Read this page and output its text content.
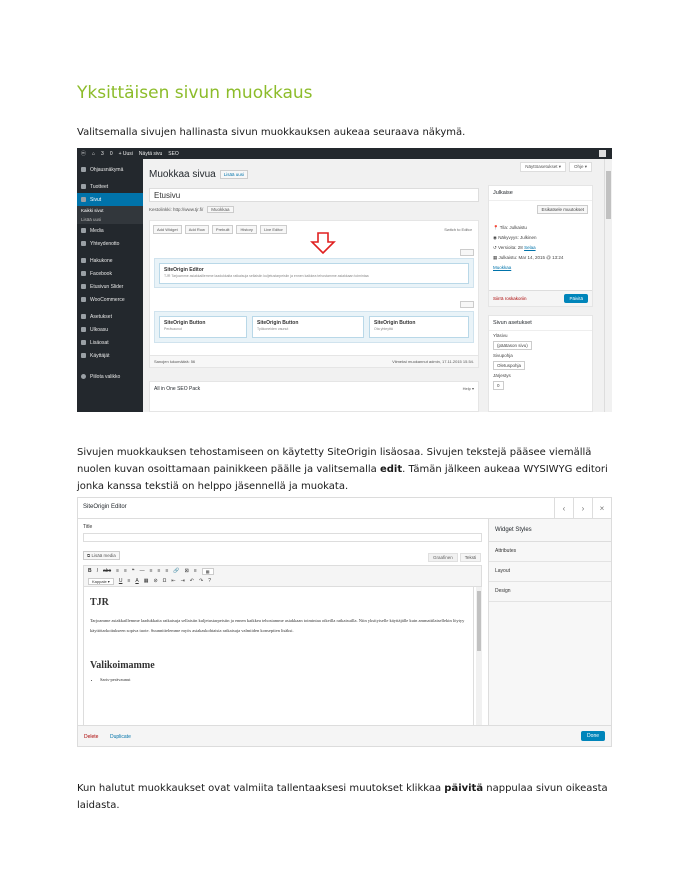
Yksittäisen sivun muokkaus

Valitsemalla sivujen hallinasta sivun muokkauksen aukeaa seuraava näkymä.

ⓦ ⌂ 3 0 + Uusi Näytä sivu SEO
Ohjausnäkymä
Tuotteet
Sivut
Kaikki sivut
Lisää uusi
Media
Yhteydenotto
Hakukone
Facebook
Etusivun Slider
WooCommerce
Asetukset
Ulkoasu
Lisäosat
Käyttäjät
Piilota valikko
Näyttöasetukset ▾	Ohje ▾
Muokkaa sivua	Lisää uusi
Etusivu
Kestolinkki: http://www.tjr.fi/	Muokkaa
Add Widget	Add Row	Prebuilt	History	Live Editor	Switch to Editor
SiteOrigin Editor
TJR Tarjoamme asiakkaillemme laadukkaita ratkaisuja sellaisiin kuljetustarpeisiin ja ennen kaikkea tehostamme asiakkaan toimintaa
SiteOrigin Button
Perävaunut
SiteOrigin Button
Työkoneiden vaunut
SiteOrigin Button
Ota yhteyttä
Sanojen lukumäärä: 56	Viimeksi muokannut admin, 17.11.2015 15.54.
All in One SEO Pack	Help ▾
Julkaise
Esikatsele muutokset
📍 Tila: Julkaistu
◉ Näkyvyys: Julkinen
↺ Versioita: 28 Selaa
▦ Julkaistu: Mar 14, 2015 @ 13:24
Muokkaa
Siirrä roskakoriin	Päivitä
Sivun asetukset
Yläsivu
(päätason sivu)
Sivupohja
Oletuspohja
Järjestys
0

Sivujen muokkauksen tehostamiseen on käytetty SiteOrigin lisäosaa. Sivujen tekstejä pääsee viemällä nuolen kuvan osoittamaan painikkeen päälle ja valitsemalla edit. Tämän jälkeen aukeaa WYSIWYG editori jonka kanssa tekstiä on helppo jäsennellä ja muokata.

SiteOrigin Editor	‹	›	×
Title
⧉ Lisää media	Graafinen	Teksti
B I abc ≡ ≡ ❝ — ≡ ≡ ≡ 🔗 ⊠ ≡	▦
Kappale ▾	U ≡ A ▦ ⊘ Ω ⇤ ⇥ ↶ ↷ ?
TJR

Tarjoamme asiakkaillemme laadukkaita ratkaisuja sellaisiin kuljetustarpeisiin ja ennen kaikkea tehostamme asiakkaan toimintaa oikeilla ratkaisuilla. Niin yksityiselle käyttäjälle kuin ammattilaisellekin löytyy käyttötarkoitukseen sopiva tuote. Suunnittelemme myös asiakaskohtaisia ratkaisuja valmiiden konseptien lisäksi.

Valikoimamme
• Saris-perävaunut
Widget Styles
Attributes
Layout
Design
Delete Duplicate	Done

Kun halutut muokkaukset ovat valmiita tallentaaksesi muutokset klikkaa päivitä nappulaa sivun oikeasta laidasta.
